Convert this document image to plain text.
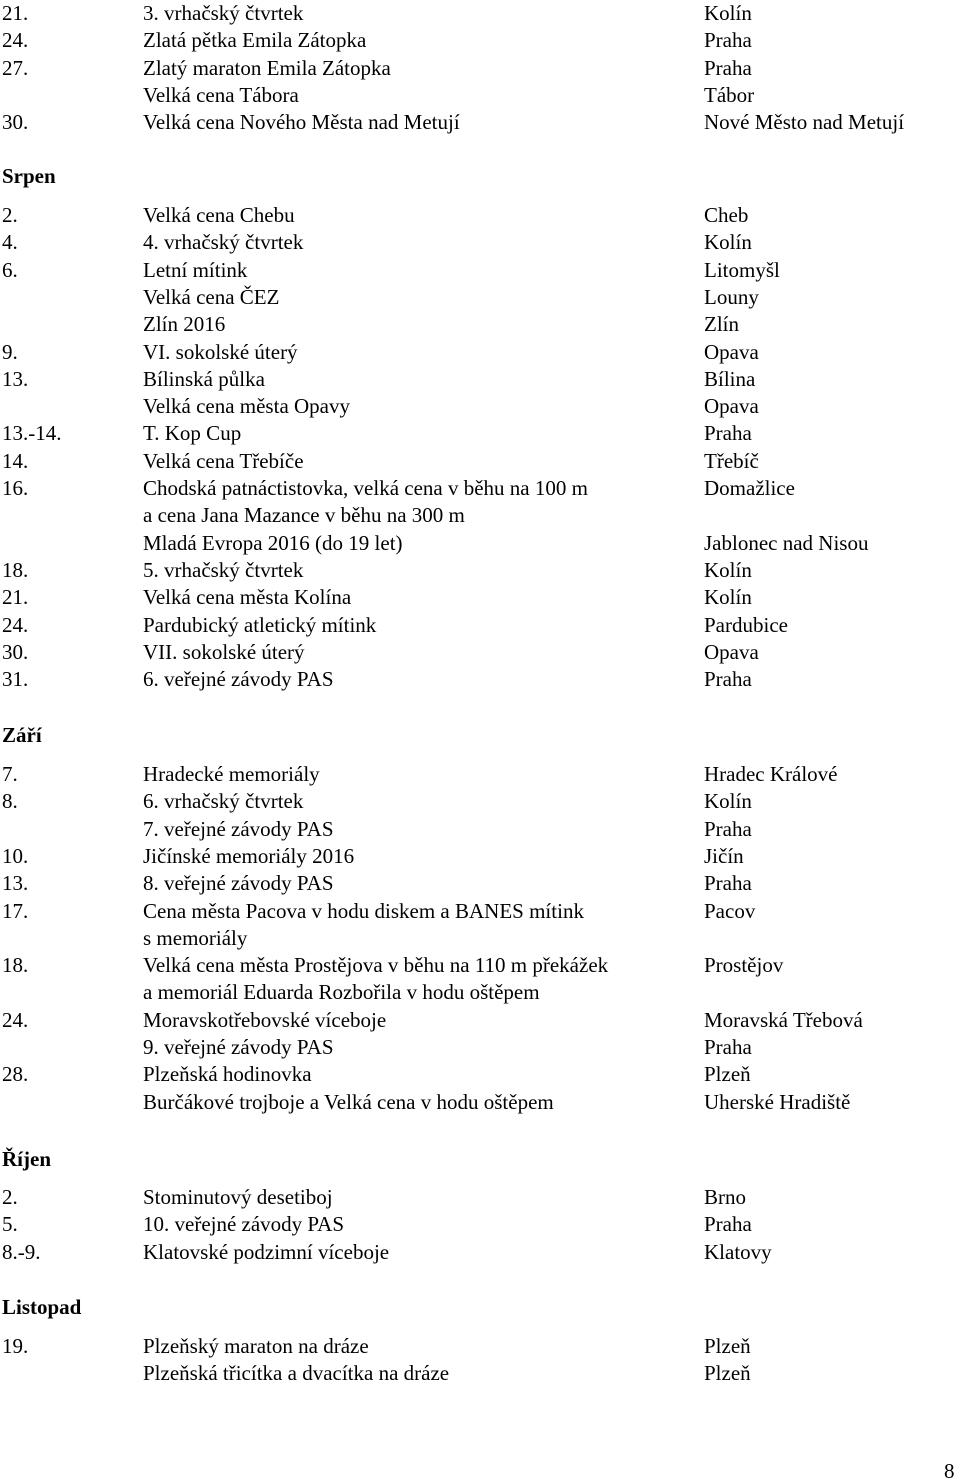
21.	3. vrhačský čtvrtek	Kolín
24.	Zlatá pětka Emila Zátopka	Praha
27.	Zlatý maraton Emila Zátopka	Praha
Velká cena Tábora	Tábor
30.	Velká cena Nového Města nad Metují	Nové Město nad Metují
Srpen
2.	Velká cena Chebu	Cheb
4.	4. vrhačský čtvrtek	Kolín
6.	Letní mítink	Litomyšl
Velká cena ČEZ	Louny
Zlín 2016	Zlín
9.	VI. sokolské úterý	Opava
13.	Bílinská půlka	Bílina
Velká cena města Opavy	Opava
13.-14.	T. Kop Cup	Praha
14.	Velká cena Třebíče	Třebíč
16.	Chodská patnáctistovka, velká cena v běhu na 100 m	Domažlice
a cena Jana Mazance v běhu na 300 m
Mladá Evropa 2016 (do 19 let)	Jablonec nad Nisou
18.	5. vrhačský čtvrtek	Kolín
21.	Velká cena města Kolína	Kolín
24.	Pardubický atletický mítink	Pardubice
30.	VII. sokolské úterý	Opava
31.	6. veřejné závody PAS	Praha
Září
7.	Hradecké memoriály	Hradec Králové
8.	6. vrhačský čtvrtek	Kolín
7. veřejné závody PAS	Praha
10.	Jičínské memoriály 2016	Jičín
13.	8. veřejné závody PAS	Praha
17.	Cena města Pacova v hodu diskem a BANES mítink	Pacov
s memoriály
18.	Velká cena města Prostějova v běhu na 110 m překážek	Prostějov
a memoriál Eduarda Rozbořila v hodu oštěpem
24.	Moravskotřebovské víceboje	Moravská Třebová
9. veřejné závody PAS	Praha
28.	Plzeňská hodinovka	Plzeň
Burčákové trojboje a Velká cena v hodu oštěpem	Uherské Hradiště
Říjen
2.	Stominutový desetiboj	Brno
5.	10. veřejné závody PAS	Praha
8.-9.	Klatovské podzimní víceboje	Klatovy
Listopad
19.	Plzeňský maraton na dráze	Plzeň
Plzeňská třicítka a dvacítka na dráze	Plzeň
8
